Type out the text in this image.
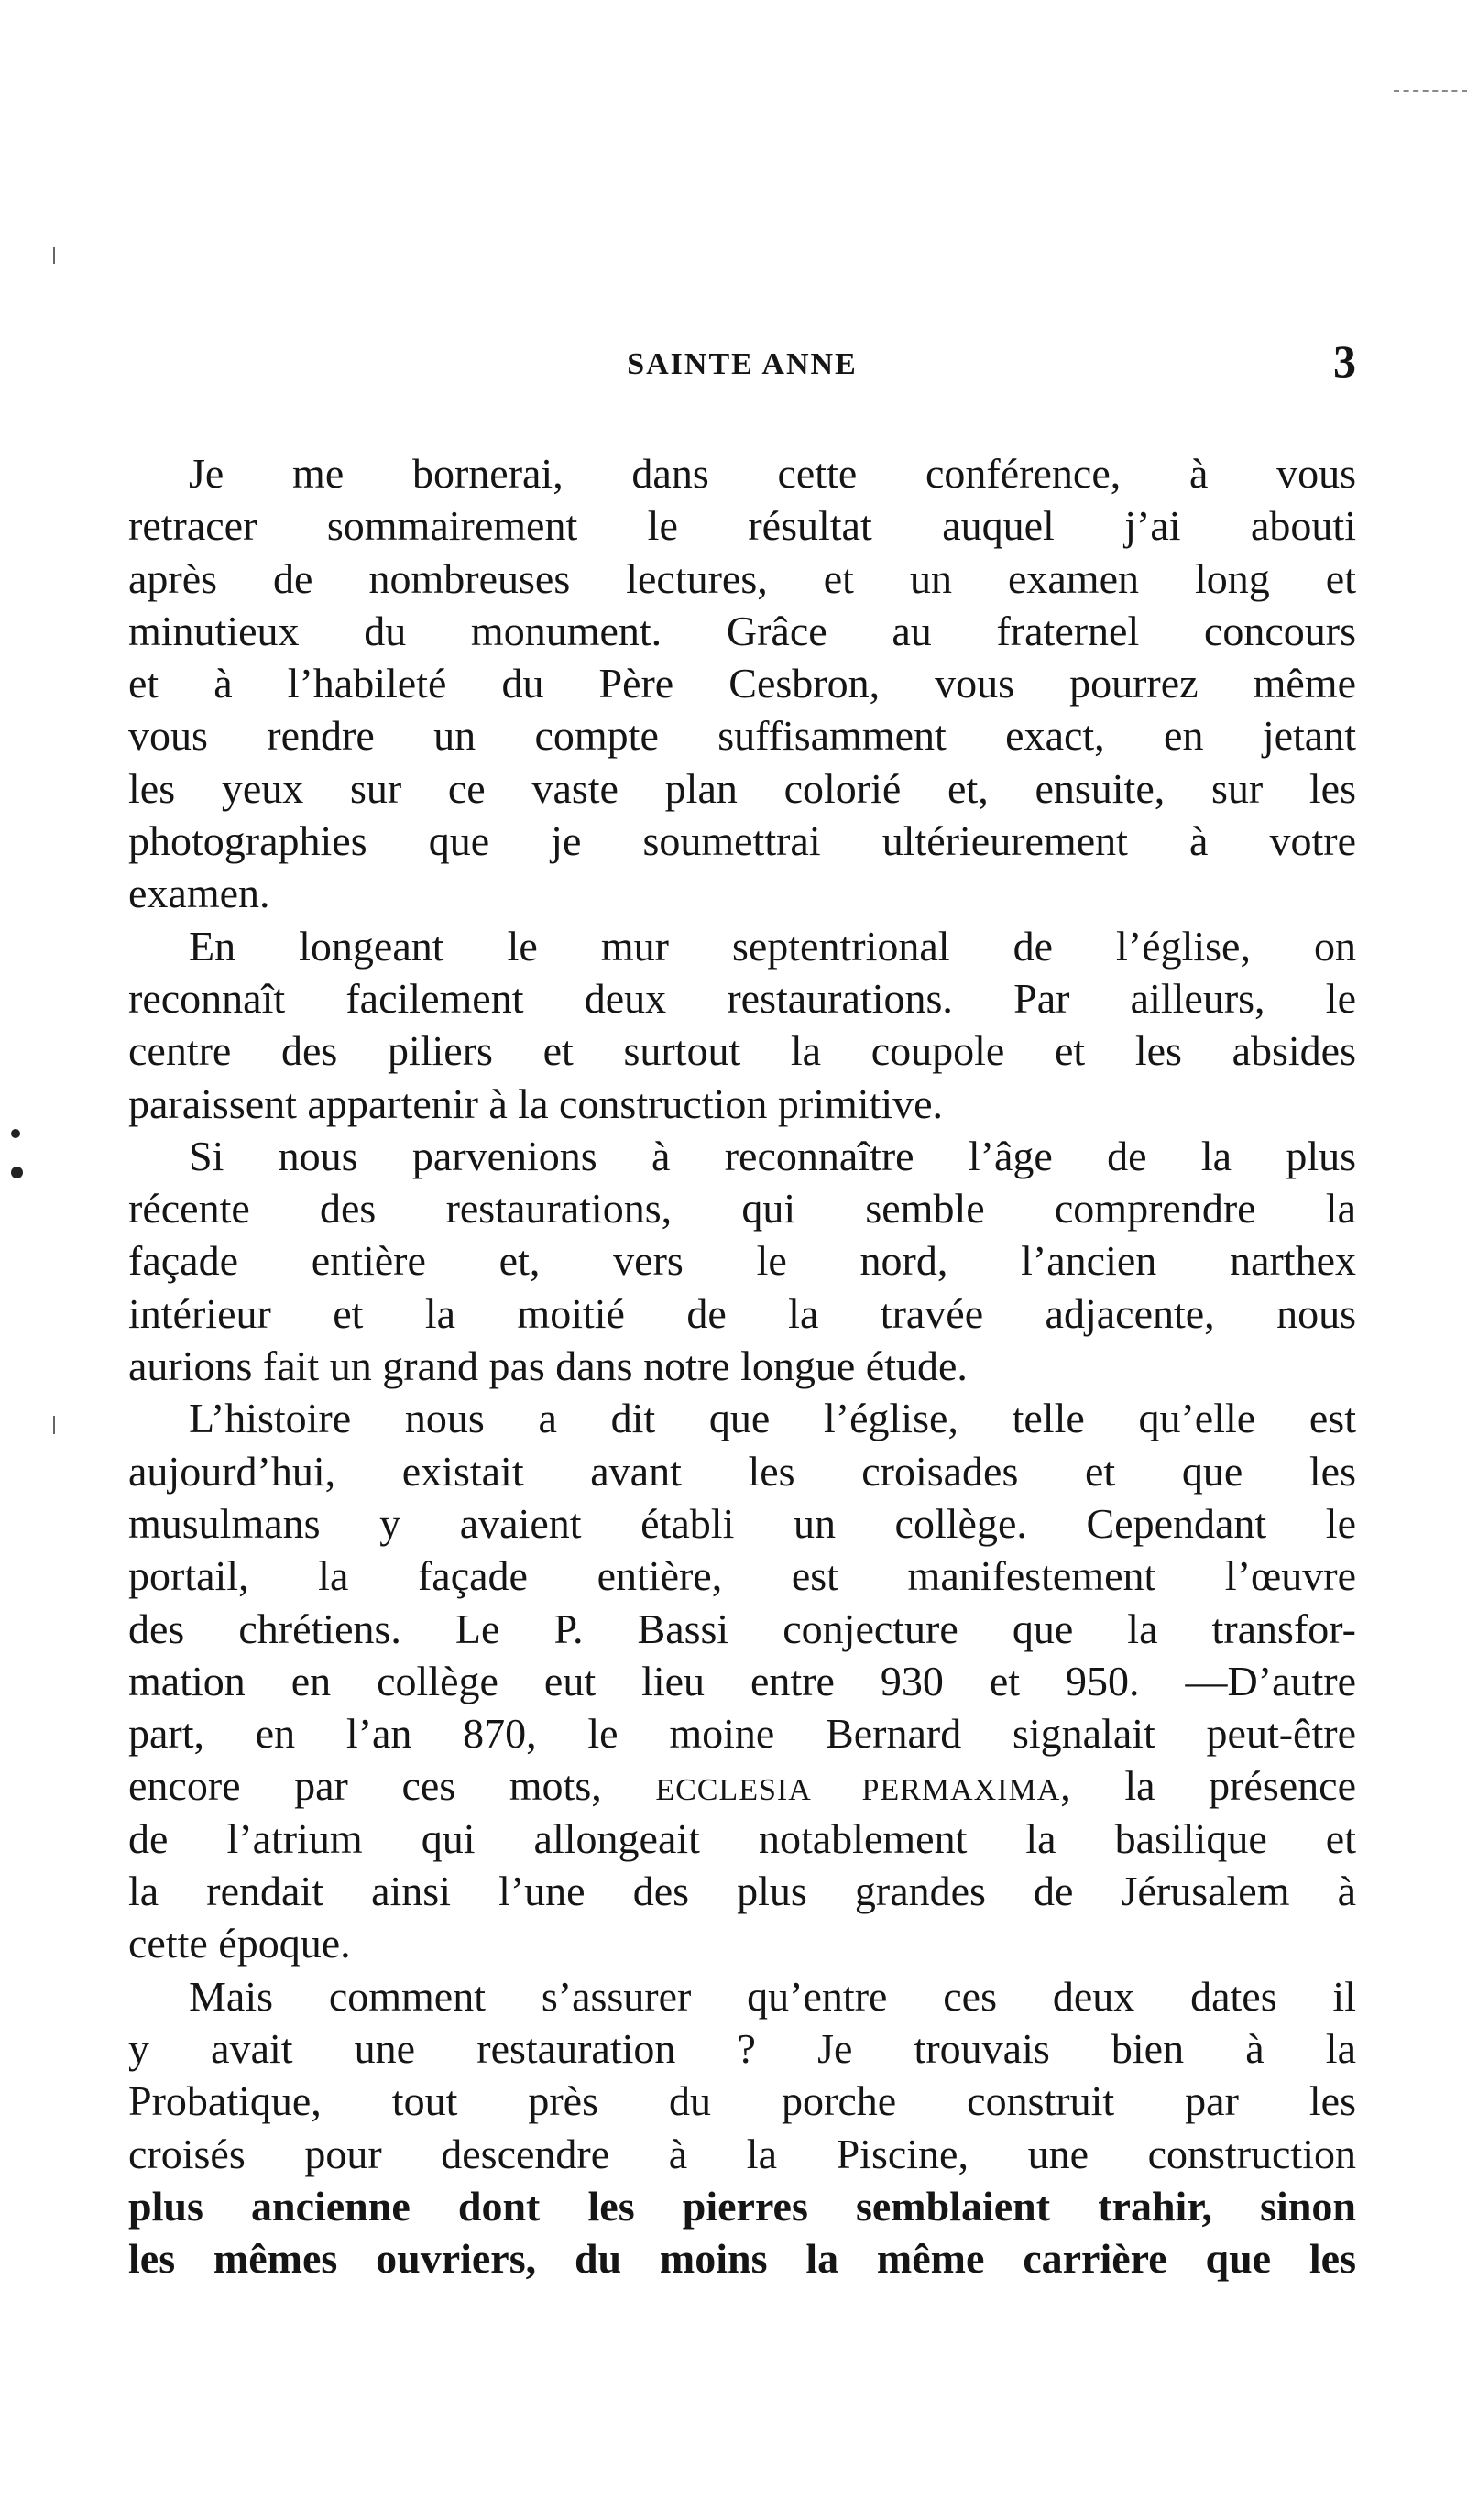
SAINTE ANNE	3
Je me bornerai, dans cette conférence, à vous
retracer sommairement le résultat auquel j’ai abouti
après de nombreuses lectures, et un examen long et
minutieux du monument. Grâce au fraternel concours
et à l’habileté du Père Cesbron, vous pourrez même
vous rendre un compte suffisamment exact, en jetant
les yeux sur ce vaste plan colorié et, ensuite, sur les
photographies que je soumettrai ultérieurement à votre
examen.
En longeant le mur septentrional de l’église, on
reconnaît facilement deux restaurations. Par ailleurs, le
centre des piliers et surtout la coupole et les absides
paraissent appartenir à la construction primitive.
Si nous parvenions à reconnaître l’âge de la plus
récente des restaurations, qui semble comprendre la
façade entière et, vers le nord, l’ancien narthex
intérieur et la moitié de la travée adjacente, nous
aurions fait un grand pas dans notre longue étude.
L’histoire nous a dit que l’église, telle qu’elle est
aujourd’hui, existait avant les croisades et que les
musulmans y avaient établi un collège. Cependant le
portail, la façade entière, est manifestement l’œuvre
des chrétiens. Le P. Bassi conjecture que la transfor-
mation en collège eut lieu entre 930 et 950. —D’autre
part, en l’an 870, le moine Bernard signalait peut-être
encore par ces mots, ECCLESIA PERMAXIMA, la présence
de l’atrium qui allongeait notablement la basilique et
la rendait ainsi l’une des plus grandes de Jérusalem à
cette époque.
Mais comment s’assurer qu’entre ces deux dates il
y avait une restauration ? Je trouvais bien à la
Probatique, tout près du porche construit par les
croisés pour descendre à la Piscine, une construction
plus ancienne dont les pierres semblaient trahir, sinon
les mêmes ouvriers, du moins la même carrière que les
